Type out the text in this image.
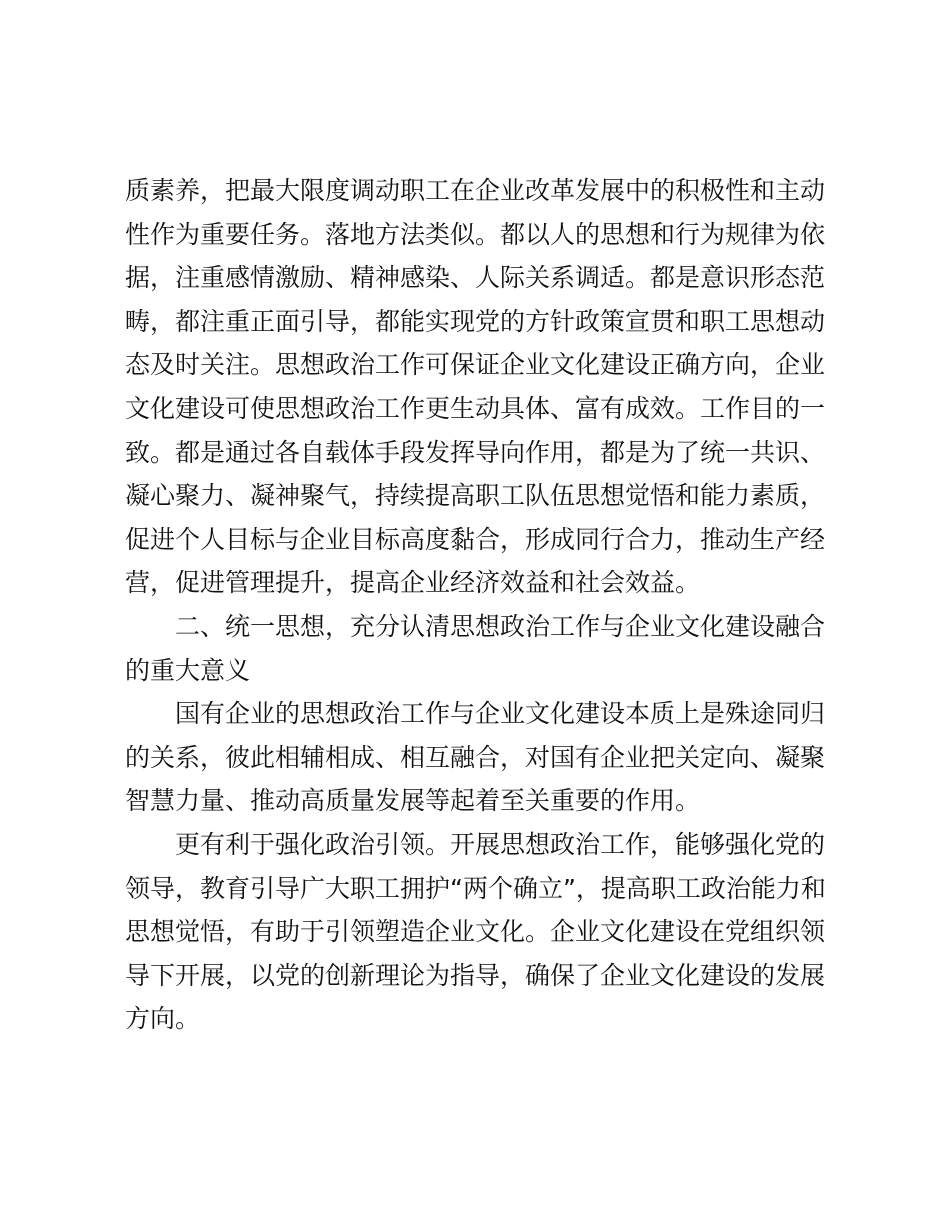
质素养，把最大限度调动职工在企业改革发展中的积极性和主动
性作为重要任务。落地方法类似。都以人的思想和行为规律为依
据，注重感情激励、精神感染、人际关系调适。都是意识形态范
畴，都注重正面引导，都能实现党的方针政策宣贯和职工思想动
态及时关注。思想政治工作可保证企业文化建设正确方向，企业
文化建设可使思想政治工作更生动具体、富有成效。工作目的一
致。都是通过各自载体手段发挥导向作用，都是为了统一共识、
凝心聚力、凝神聚气，持续提高职工队伍思想觉悟和能力素质，
促进个人目标与企业目标高度黏合，形成同行合力，推动生产经
营，促进管理提升，提高企业经济效益和社会效益。

二、统一思想，充分认清思想政治工作与企业文化建设融合
的重大意义

国有企业的思想政治工作与企业文化建设本质上是殊途同归
的关系，彼此相辅相成、相互融合，对国有企业把关定向、凝聚
智慧力量、推动高质量发展等起着至关重要的作用。

更有利于强化政治引领。开展思想政治工作，能够强化党的
领导，教育引导广大职工拥护“两个确立”，提高职工政治能力和
思想觉悟，有助于引领塑造企业文化。企业文化建设在党组织领
导下开展，以党的创新理论为指导，确保了企业文化建设的发展
方向。
